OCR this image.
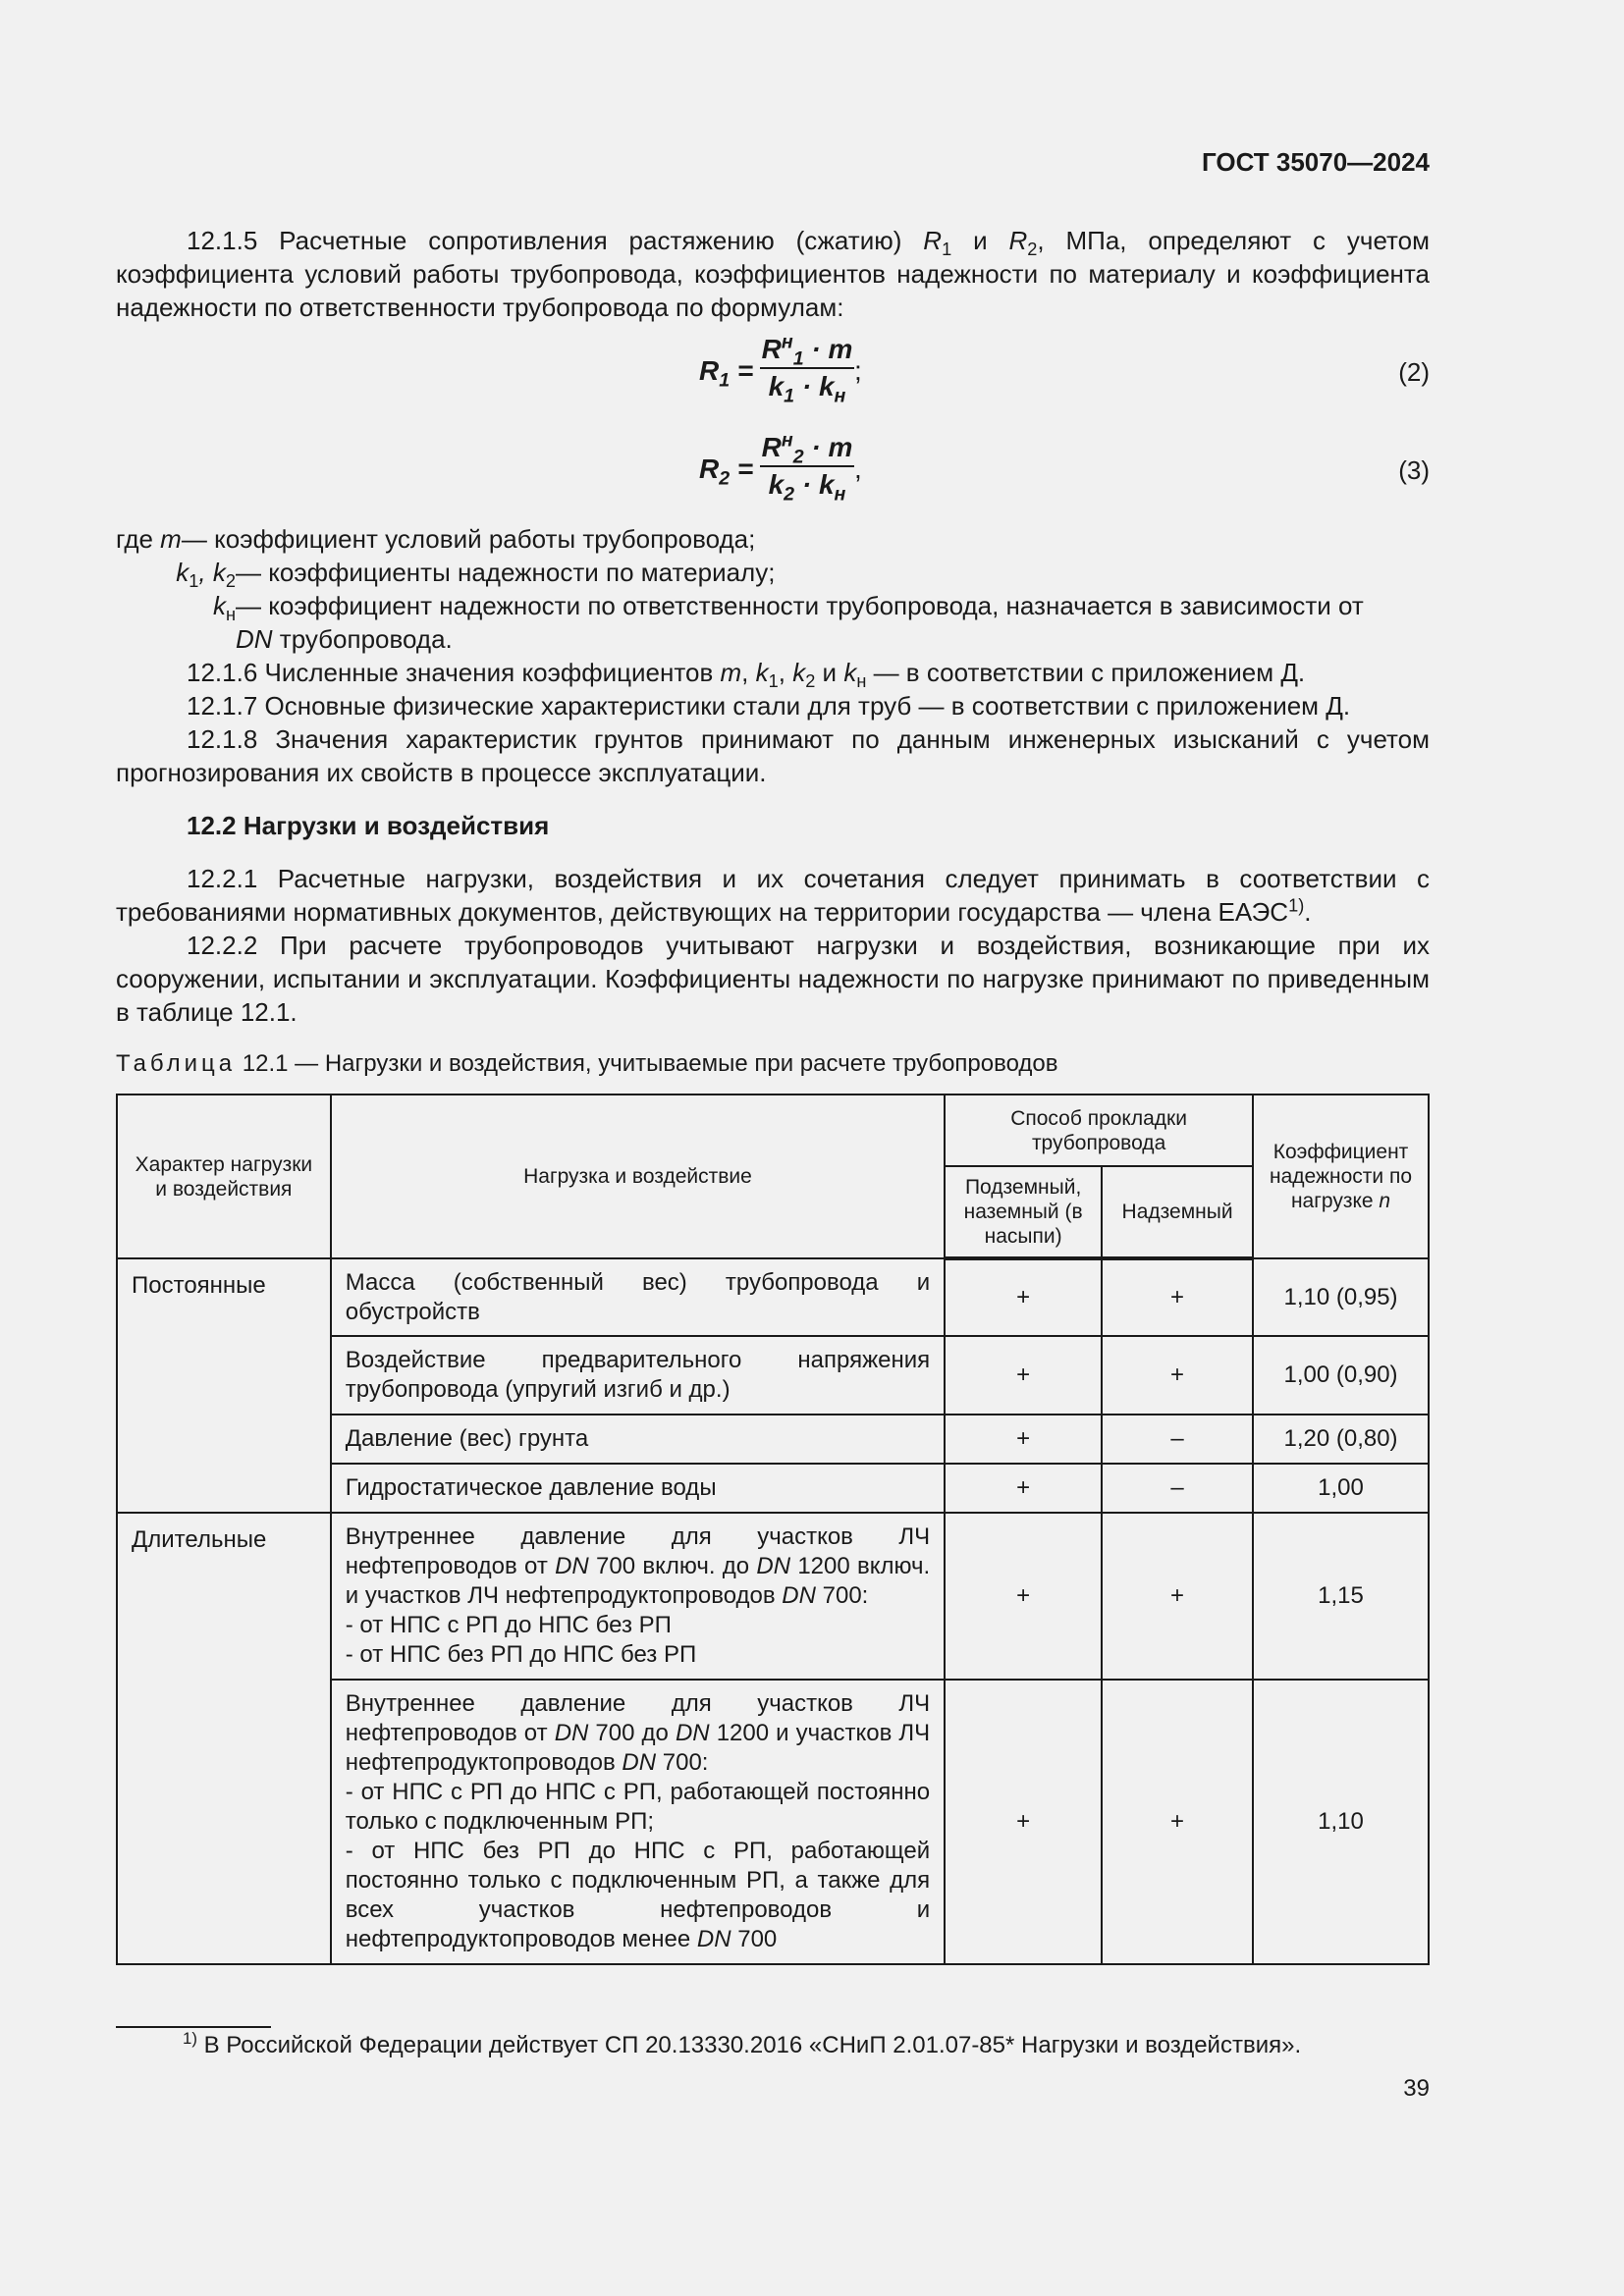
ГОСТ 35070—2024

12.1.5 Расчетные сопротивления растяжению (сжатию) $R_1$ и $R_2$, МПа, определяют с учетом коэффициента условий работы трубопровода, коэффициентов надежности по материалу и коэффициента надежности по ответственности трубопровода по формулам:

$R_1$ =
$R^н_1 \cdot m$
$k_1 \cdot k_н$
;	(2)
$R_2$ =
$R^н_2 \cdot m$
$k_2 \cdot k_н$
,	(3)
где m — коэффициент условий работы трубопровода;
$k_1$, $k_2$ — коэффициенты надежности по материалу;
$k_н$ — коэффициент надежности по ответственности трубопровода, назначается в зависимости от
DN трубопровода.

12.1.6 Численные значения коэффициентов m, $k_1$, $k_2$ и $k_н$ — в соответствии с приложением Д.

12.1.7 Основные физические характеристики стали для труб — в соответствии с приложением Д.

12.1.8 Значения характеристик грунтов принимают по данным инженерных изысканий с учетом прогнозирования их свойств в процессе эксплуатации.

12.2 Нагрузки и воздействия

12.2.1 Расчетные нагрузки, воздействия и их сочетания следует принимать в соответствии с требованиями нормативных документов, действующих на территории государства — члена ЕАЭС$^{1)}$.

12.2.2 При расчете трубопроводов учитывают нагрузки и воздействия, возникающие при их сооружении, испытании и эксплуатации. Коэффициенты надежности по нагрузке принимают по приведенным в таблице 12.1.

Таблица 12.1 — Нагрузки и воздействия, учитываемые при расчете трубопроводов
Характер нагрузки и воздействия	Нагрузка и воздействие	Способ прокладки трубопровода		Коэффициент надежности по нагрузке n
		Подземный, наземный (в насыпи)	Надземный	
Постоянные	Масса (собственный вес) трубопровода и обустройств	+	+	1,10 (0,95)
	Воздействие предварительного напряжения трубопровода (упругий изгиб и др.)	+	+	1,00 (0,90)
	Давление (вес) грунта	+	–	1,20 (0,80)
	Гидростатическое давление воды	+	–	1,00
Длительные	Внутреннее давление для участков ЛЧ нефтепроводов от DN 700 включ. до DN 1200 включ. и участков ЛЧ нефтепродуктопроводов DN 700:
- от НПС с РП до НПС без РП
- от НПС без РП до НПС без РП	+	+	1,15
	Внутреннее давление для участков ЛЧ нефтепроводов от DN 700 до DN 1200 и участков ЛЧ нефтепродуктопроводов DN 700:
- от НПС с РП до НПС с РП, работающей постоянно только с подключенным РП;
- от НПС без РП до НПС с РП, работающей постоянно только с подключенным РП, а также для всех участков нефтепроводов и нефтепродуктопроводов менее DN 700	+	+	1,10
$^{1)}$ В Российской Федерации действует СП 20.13330.2016 «СНиП 2.01.07-85* Нагрузки и воздействия».
39
